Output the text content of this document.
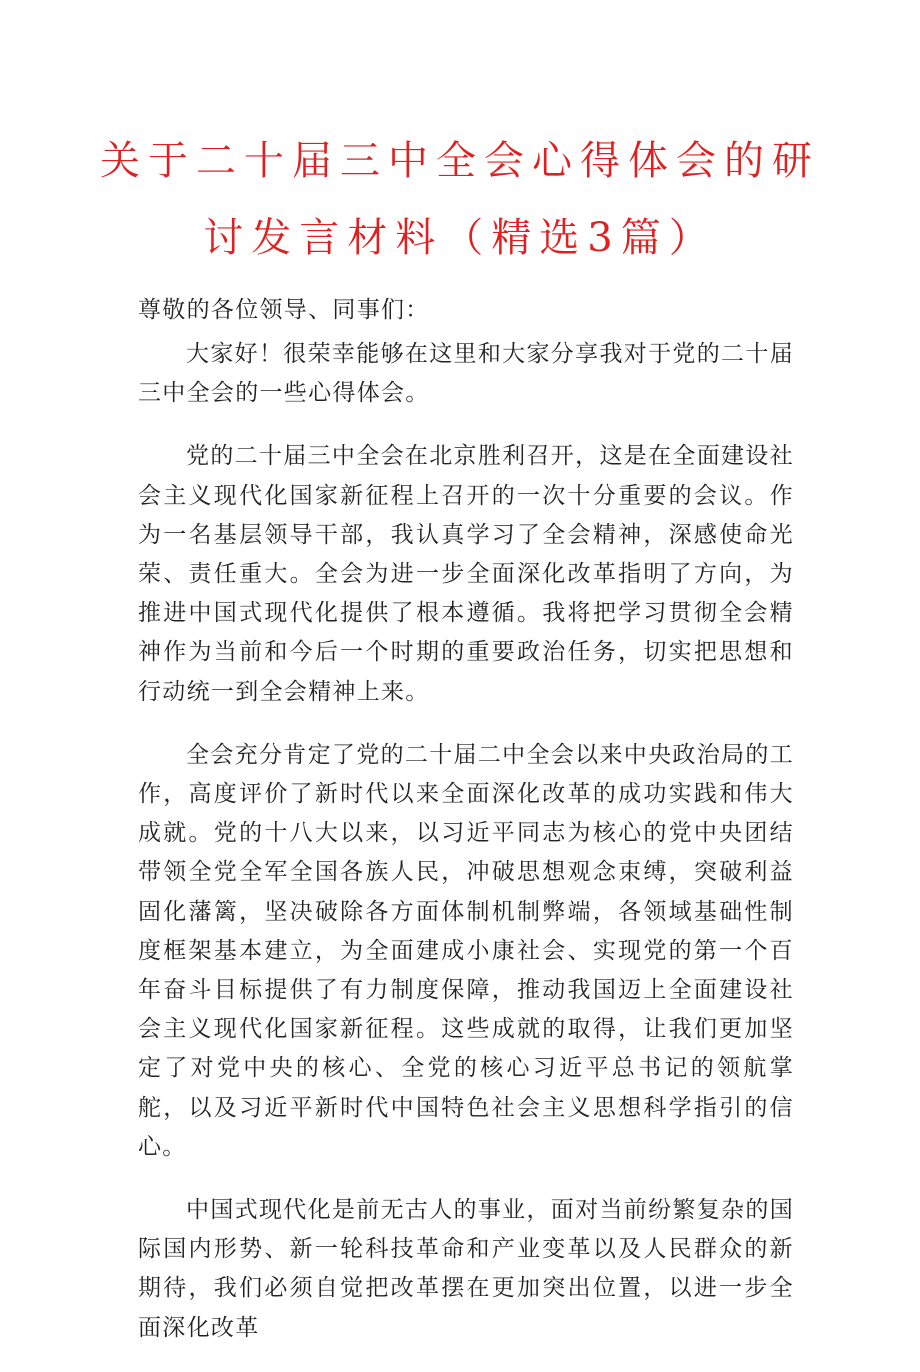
关于二十届三中全会心得体会的研
讨发言材料（精选3篇）
尊敬的各位领导、同事们：

大家好！很荣幸能够在这里和大家分享我对于党的二十届三中全会的一些心得体会。

党的二十届三中全会在北京胜利召开，这是在全面建设社会主义现代化国家新征程上召开的一次十分重要的会议。作为一名基层领导干部，我认真学习了全会精神，深感使命光荣、责任重大。全会为进一步全面深化改革指明了方向，为推进中国式现代化提供了根本遵循。我将把学习贯彻全会精神作为当前和今后一个时期的重要政治任务，切实把思想和行动统一到全会精神上来。

全会充分肯定了党的二十届二中全会以来中央政治局的工作，高度评价了新时代以来全面深化改革的成功实践和伟大成就。党的十八大以来，以习近平同志为核心的党中央团结带领全党全军全国各族人民，冲破思想观念束缚，突破利益固化藩篱，坚决破除各方面体制机制弊端，各领域基础性制度框架基本建立，为全面建成小康社会、实现党的第一个百年奋斗目标提供了有力制度保障，推动我国迈上全面建设社会主义现代化国家新征程。这些成就的取得，让我们更加坚定了对党中央的核心、全党的核心习近平总书记的领航掌舵，以及习近平新时代中国特色社会主义思想科学指引的信心。

中国式现代化是前无古人的事业，面对当前纷繁复杂的国际国内形势、新一轮科技革命和产业变革以及人民群众的新期待，我们必须自觉把改革摆在更加突出位置，以进一步全面深化改革
